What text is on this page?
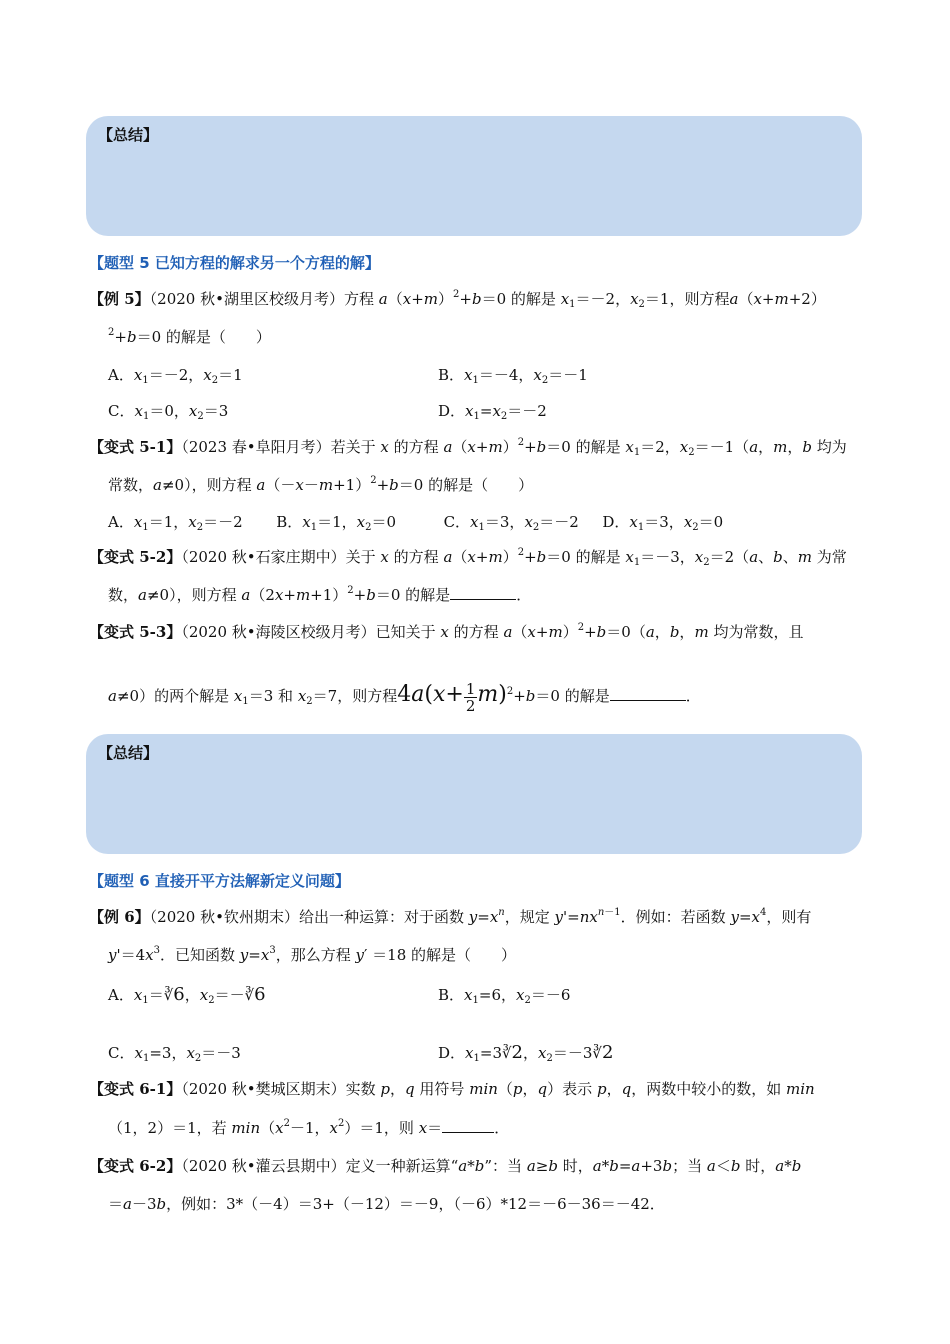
【总结】
【题型 5 已知方程的解求另一个方程的解】
【例 5】（2020 秋•湖里区校级月考）方程 $a(x+m)^2+b=0$ 的解是 $x_1=-2$，$x_2=1$，则方程a（x+m+2）
$^2$+b＝0 的解是（　　）
A．$x_1=-2$，$x_2=1$	B．$x_1=-4$，$x_2=-1$
C．$x_1=0$，$x_2=3$	D．$x_1=x_2=-2$
【变式 5-1】（2023 春•阜阳月考）若关于 x 的方程 $a(x+m)^2+b=0$ 的解是 $x_1=2$，$x_2=-1(a$，m，b 均为
常数，a≠0），则方程 $a(-x-m+1)^2+b=0$ 的解是（　　）
A．$x_1=1$，$x_2=-2$ B．$x_1=1$，$x_2=0$	C．$x_1=3$，$x_2=-2$ D．$x_1=3$，$x_2=0$
【变式 5-2】（2020 秋•石家庄期中）关于 x 的方程 $a(x+m)^2+b=0$ 的解是 $x_1=-3$，$x_2=2(a$、b、m 为常
数，a≠0），则方程 $a(2x+m+1)^2+b=0$ 的解是	．
【变式 5-3】（2020 秋•海陵区校级月考）已知关于 x 的方程 $a(x+m)^2+b=0(a$，b，m 均为常数，且
a≠0）的两个解是 $x_1=3$ 和 $x_2=7$，则方程$4a(x+ \frac{1}{2} m)^2+b=0$ 的解是	．
【总结】
【题型 6 直接开平方法解新定义问题】
【例 6】（2020 秋•钦州期末）给出一种运算：对于函数 $y=x^n$，规定 $y'=nx^{n-1}$．例如：若函数 $y=x^4$，则有
$y'=4x^3$．已知函数 $y=x^3$，那么方程 y′ ＝18 的解是（　　）
A．$x_1=∛6$，$x_2=-∛6$	B．$x_1=6$，$x_2=-6$
C．$x_1=3$，$x_2=-3$	D．$x_1=3∛2$，$x_2=-3∛2$
【变式 6-1】（2020 秋•樊城区期末）实数 p，q 用符号 min（p，q）表示 p，q，两数中较小的数，如 min
（1，2）＝1，若 $\min(x^2-1$，$x^2)=1$，则 x＝	．
【变式 6-2】（2020 秋•灌云县期中）定义一种新运算“a*b”：当 a≥b 时，a*b=a+3b；当 a＜b 时，a*b
＝a－3b，例如：3*（－4）＝3+（－12）＝－9，（－6）*12＝－6－36＝－42．
